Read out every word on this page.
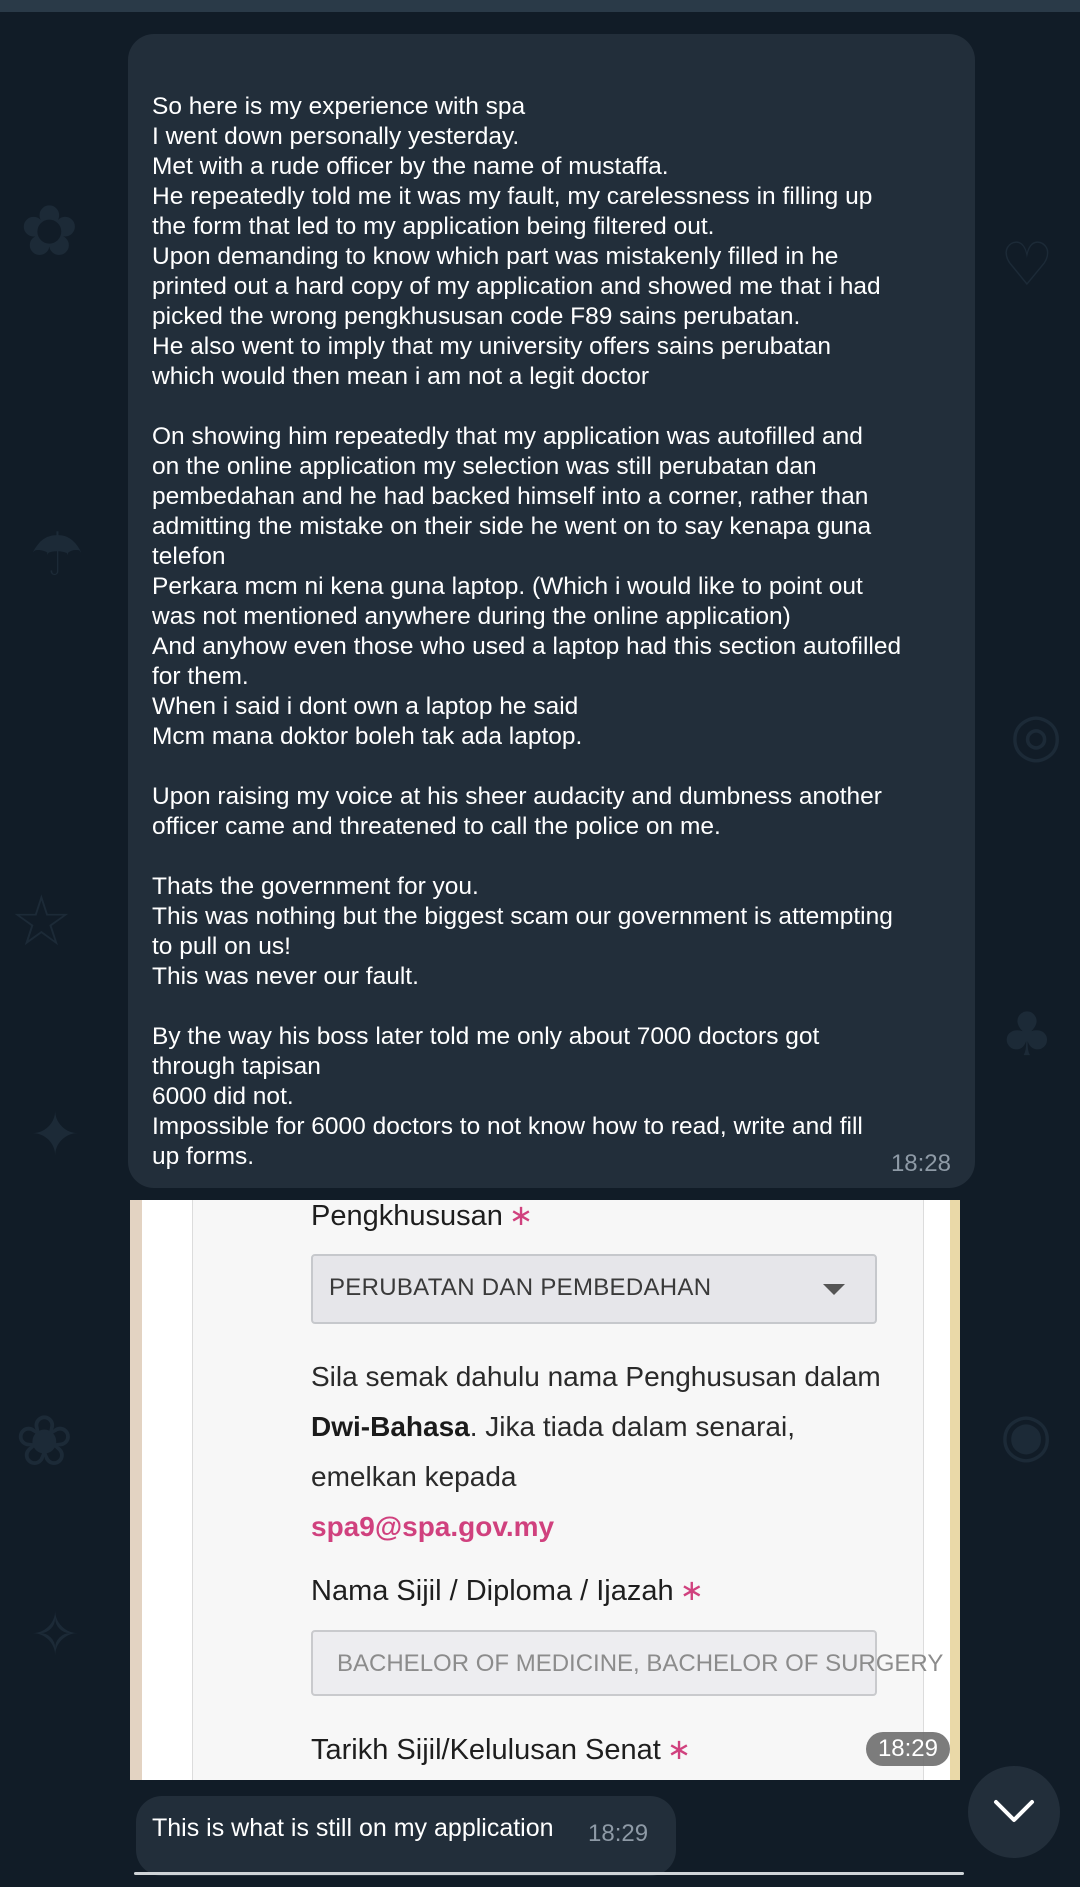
✿	♡
☂
◎
☆
♣
✦
❀	◉
✧
So here is my experience with spa
I went down personally yesterday.
Met with a rude officer by the name of mustaffa.
He repeatedly told me it was my fault, my carelessness in filling up
the form that led to my application being filtered out.
Upon demanding to know which part was mistakenly filled in he
printed out a hard copy of my application and showed me that i had
picked the wrong pengkhususan code F89 sains perubatan.
He also went to imply that my university offers sains perubatan
which would then mean i am not a legit doctor
On showing him repeatedly that my application was autofilled and
on the online application my selection was still perubatan dan
pembedahan and he had backed himself into a corner, rather than
admitting the mistake on their side he went on to say kenapa guna
telefon
Perkara mcm ni kena guna laptop. (Which i would like to point out
was not mentioned anywhere during the online application)
And anyhow even those who used a laptop had this section autofilled
for them.
When i said i dont own a laptop he said
Mcm mana doktor boleh tak ada laptop.
Upon raising my voice at his sheer audacity and dumbness another
officer came and threatened to call the police on me.
Thats the government for you.
This was nothing but the biggest scam our government is attempting
to pull on us!
This was never our fault.
By the way his boss later told me only about 7000 doctors got
through tapisan
6000 did not.
Impossible for 6000 doctors to not know how to read, write and fill
up forms.	18:28
Pengkhususan ∗
PERUBATAN DAN PEMBEDAHAN
Sila semak dahulu nama Penghususan dalam Dwi-Bahasa. Jika tiada dalam senarai, emelkan kepada
spa9@spa.gov.my
Nama Sijil / Diploma / Ijazah ∗
BACHELOR OF MEDICINE, BACHELOR OF SURGERY
Tarikh Sijil/Kelulusan Senat ∗	18:29
This is what is still on my application 18:29
